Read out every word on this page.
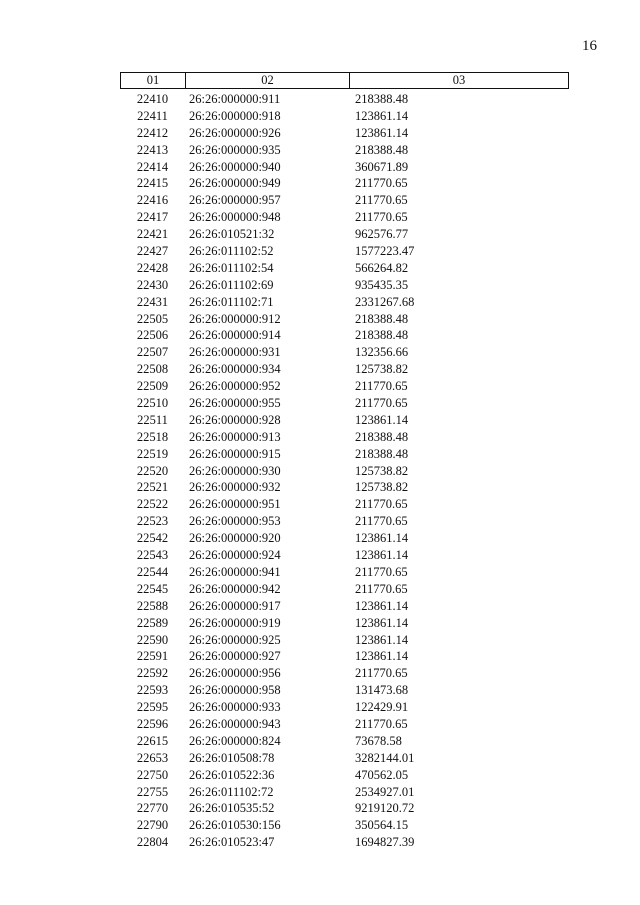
16
01	02	03
22410	26:26:000000:911	218388.48
22411	26:26:000000:918	123861.14
22412	26:26:000000:926	123861.14
22413	26:26:000000:935	218388.48
22414	26:26:000000:940	360671.89
22415	26:26:000000:949	211770.65
22416	26:26:000000:957	211770.65
22417	26:26:000000:948	211770.65
22421	26:26:010521:32	962576.77
22427	26:26:011102:52	1577223.47
22428	26:26:011102:54	566264.82
22430	26:26:011102:69	935435.35
22431	26:26:011102:71	2331267.68
22505	26:26:000000:912	218388.48
22506	26:26:000000:914	218388.48
22507	26:26:000000:931	132356.66
22508	26:26:000000:934	125738.82
22509	26:26:000000:952	211770.65
22510	26:26:000000:955	211770.65
22511	26:26:000000:928	123861.14
22518	26:26:000000:913	218388.48
22519	26:26:000000:915	218388.48
22520	26:26:000000:930	125738.82
22521	26:26:000000:932	125738.82
22522	26:26:000000:951	211770.65
22523	26:26:000000:953	211770.65
22542	26:26:000000:920	123861.14
22543	26:26:000000:924	123861.14
22544	26:26:000000:941	211770.65
22545	26:26:000000:942	211770.65
22588	26:26:000000:917	123861.14
22589	26:26:000000:919	123861.14
22590	26:26:000000:925	123861.14
22591	26:26:000000:927	123861.14
22592	26:26:000000:956	211770.65
22593	26:26:000000:958	131473.68
22595	26:26:000000:933	122429.91
22596	26:26:000000:943	211770.65
22615	26:26:000000:824	73678.58
22653	26:26:010508:78	3282144.01
22750	26:26:010522:36	470562.05
22755	26:26:011102:72	2534927.01
22770	26:26:010535:52	9219120.72
22790	26:26:010530:156	350564.15
22804	26:26:010523:47	1694827.39
